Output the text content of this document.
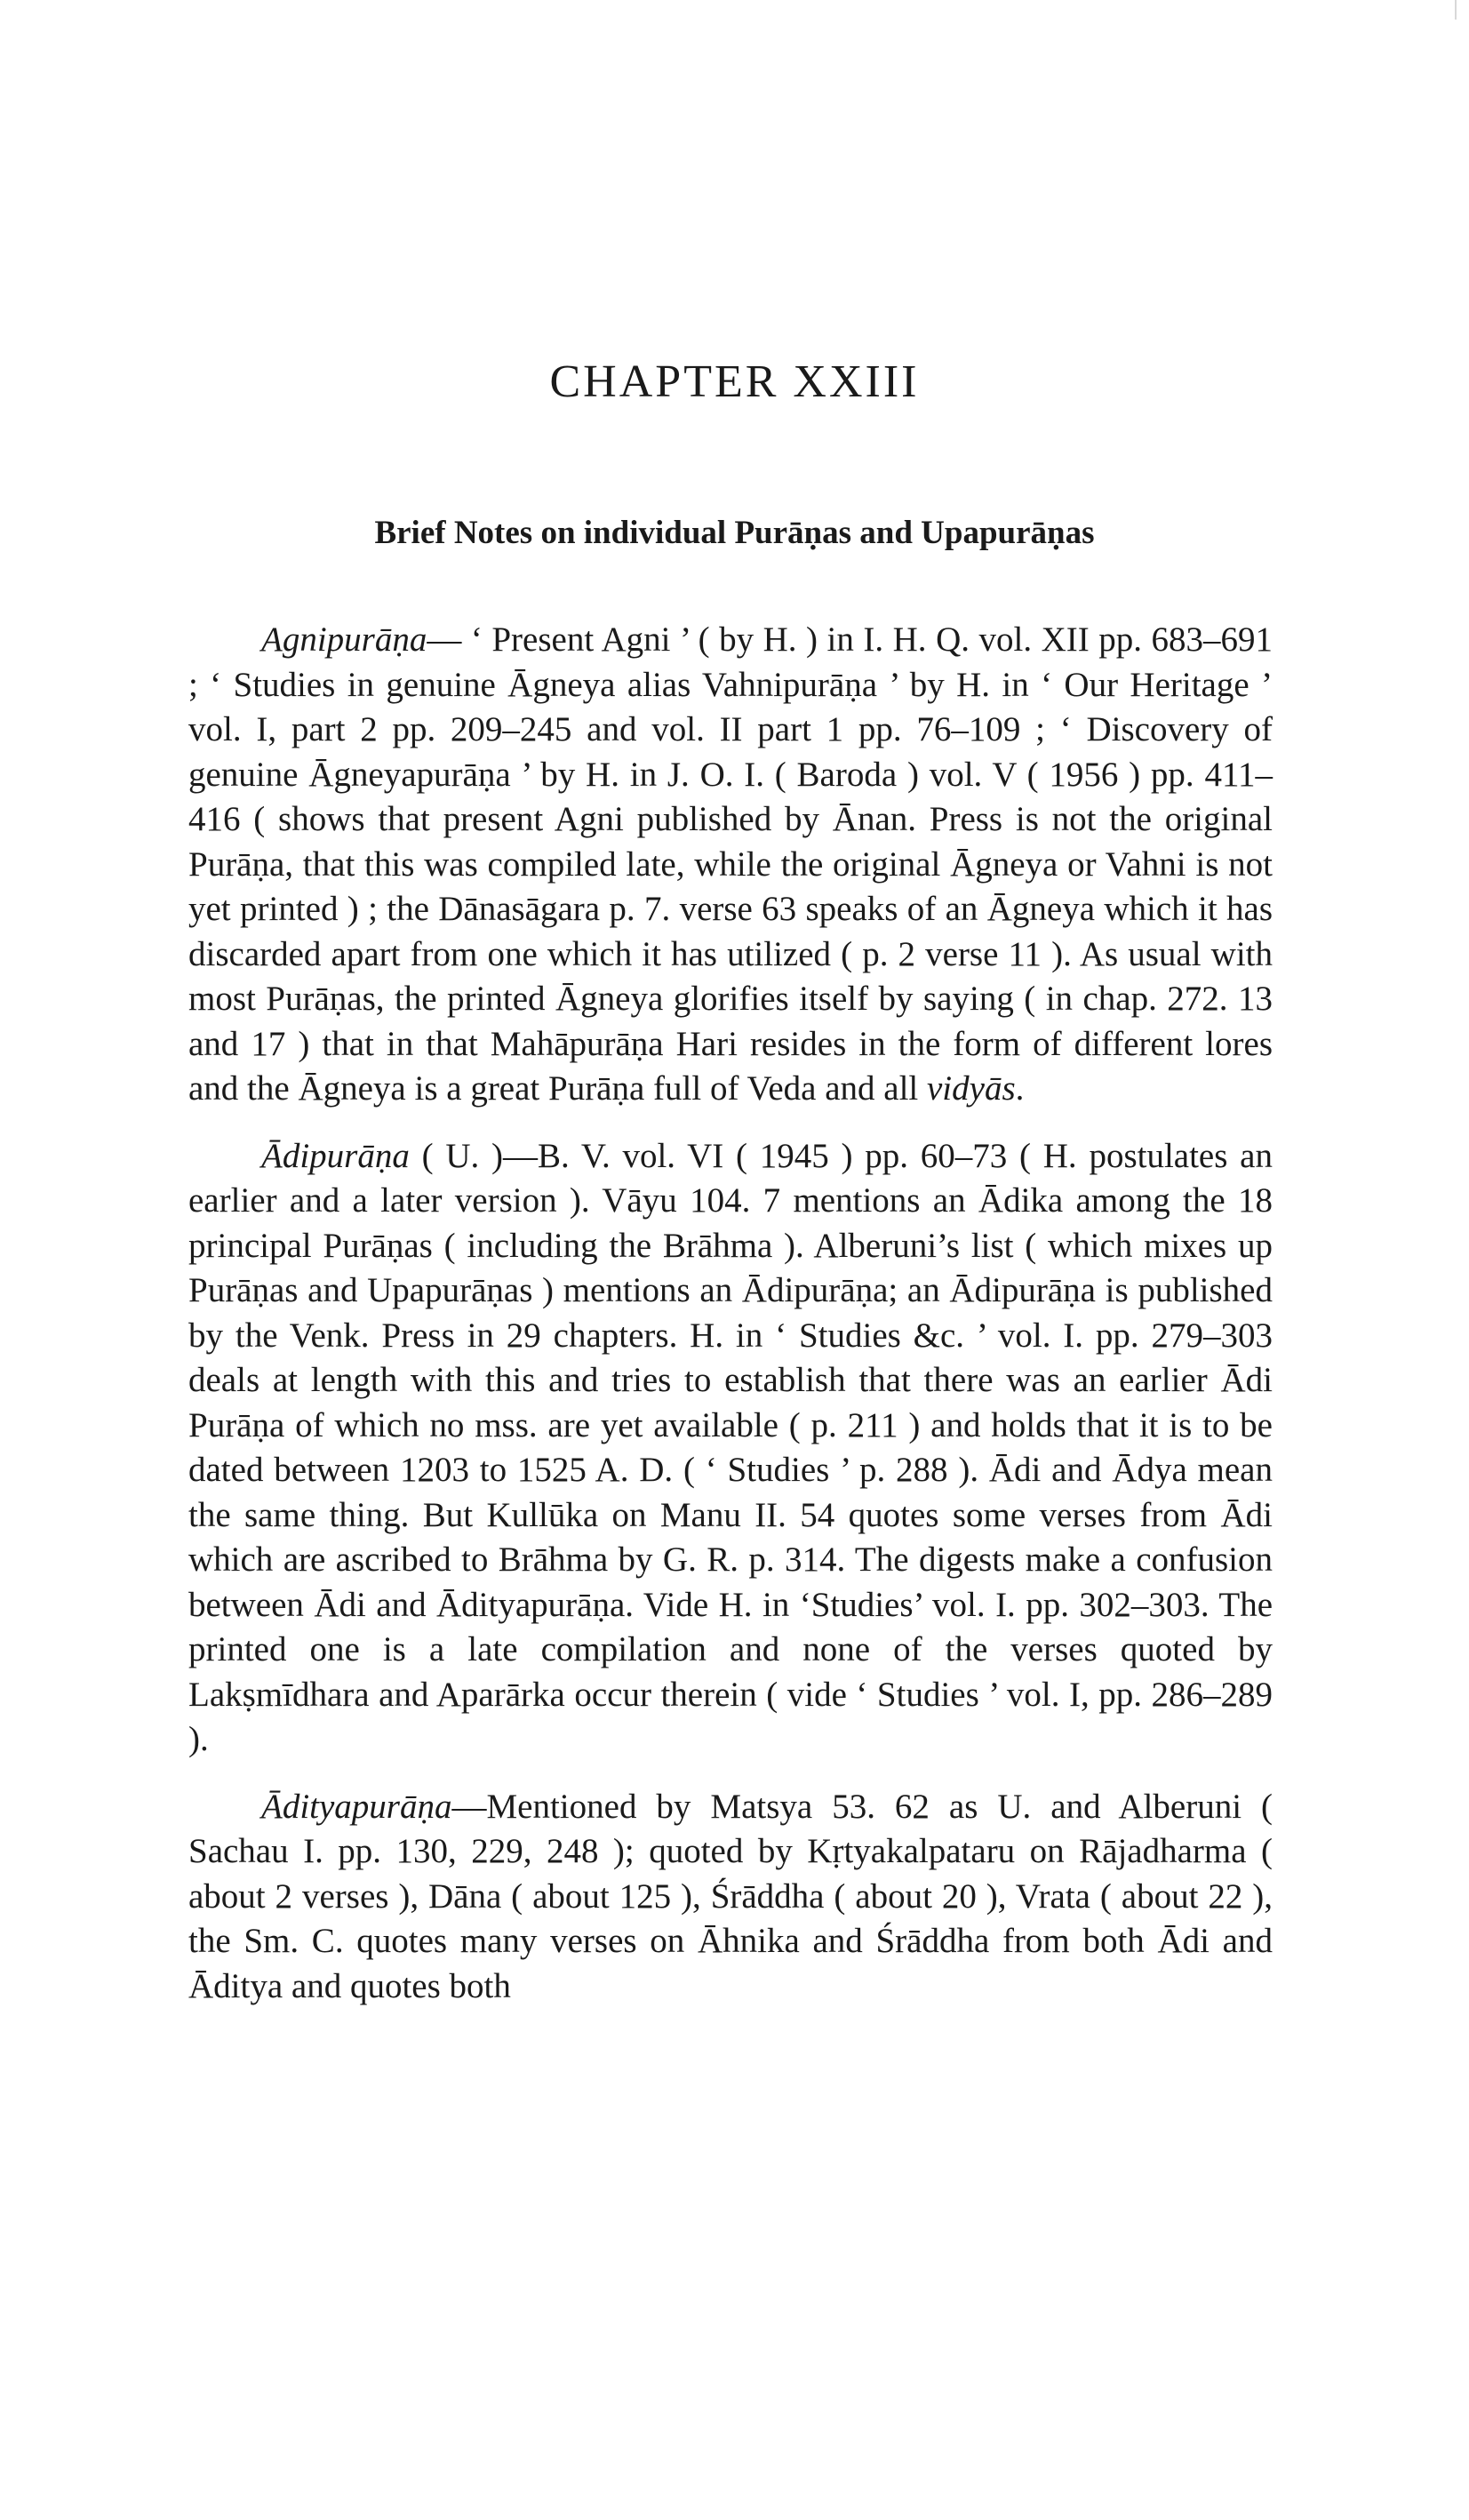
CHAPTER XXIII
Brief Notes on individual Purāṇas and Upapurāṇas

Agnipurāṇa— ‘ Present Agni ’ ( by H. ) in I. H. Q. vol. XII pp. 683–691 ; ‘ Studies in genuine Āgneya alias Vahnipurāṇa ’ by H. in ‘ Our Heritage ’ vol. I, part 2 pp. 209–245 and vol. II part 1 pp. 76–109 ; ‘ Discovery of genuine Āgneyapurāṇa ’ by H. in J. O. I. ( Baroda ) vol. V ( 1956 ) pp. 411–416 ( shows that present Agni published by Ānan. Press is not the original Purāṇa, that this was compiled late, while the original Āgneya or Vahni is not yet printed ) ; the Dānasāgara p. 7. verse 63 speaks of an Āgneya which it has discarded apart from one which it has utilized ( p. 2 verse 11 ). As usual with most Purāṇas, the printed Āgneya glorifies itself by saying ( in chap. 272. 13 and 17 ) that in that Mahāpurāṇa Hari resides in the form of different lores and the Āgneya is a great Purāṇa full of Veda and all vidyās.

Ādipurāṇa ( U. )—B. V. vol. VI ( 1945 ) pp. 60–73 ( H. postulates an earlier and a later version ). Vāyu 104. 7 mentions an Ādika among the 18 principal Purāṇas ( including the Brāhma ). Alberuni’s list ( which mixes up Purāṇas and Upapurāṇas ) mentions an Ādipurāṇa; an Ādipurāṇa is published by the Venk. Press in 29 chapters. H. in ‘ Studies &c. ’ vol. I. pp. 279–303 deals at length with this and tries to establish that there was an earlier Ādi Purāṇa of which no mss. are yet available ( p. 211 ) and holds that it is to be dated between 1203 to 1525 A. D. ( ‘ Studies ’ p. 288 ). Ādi and Ādya mean the same thing. But Kullūka on Manu II. 54 quotes some verses from Ādi which are ascribed to Brāhma by G. R. p. 314. The digests make a confusion between Ādi and Ādityapurāṇa. Vide H. in ‘Studies’ vol. I. pp. 302–303. The printed one is a late compilation and none of the verses quoted by Lakṣmīdhara and Aparārka occur therein ( vide ‘ Studies ’ vol. I, pp. 286–289 ).

Ādityapurāṇa—Mentioned by Matsya 53. 62 as U. and Alberuni ( Sachau I. pp. 130, 229, 248 ); quoted by Kṛtyakalpataru on Rājadharma ( about 2 verses ), Dāna ( about 125 ), Śrāddha ( about 20 ), Vrata ( about 22 ), the Sm. C. quotes many verses on Āhnika and Śrāddha from both Ādi and Āditya and quotes both
